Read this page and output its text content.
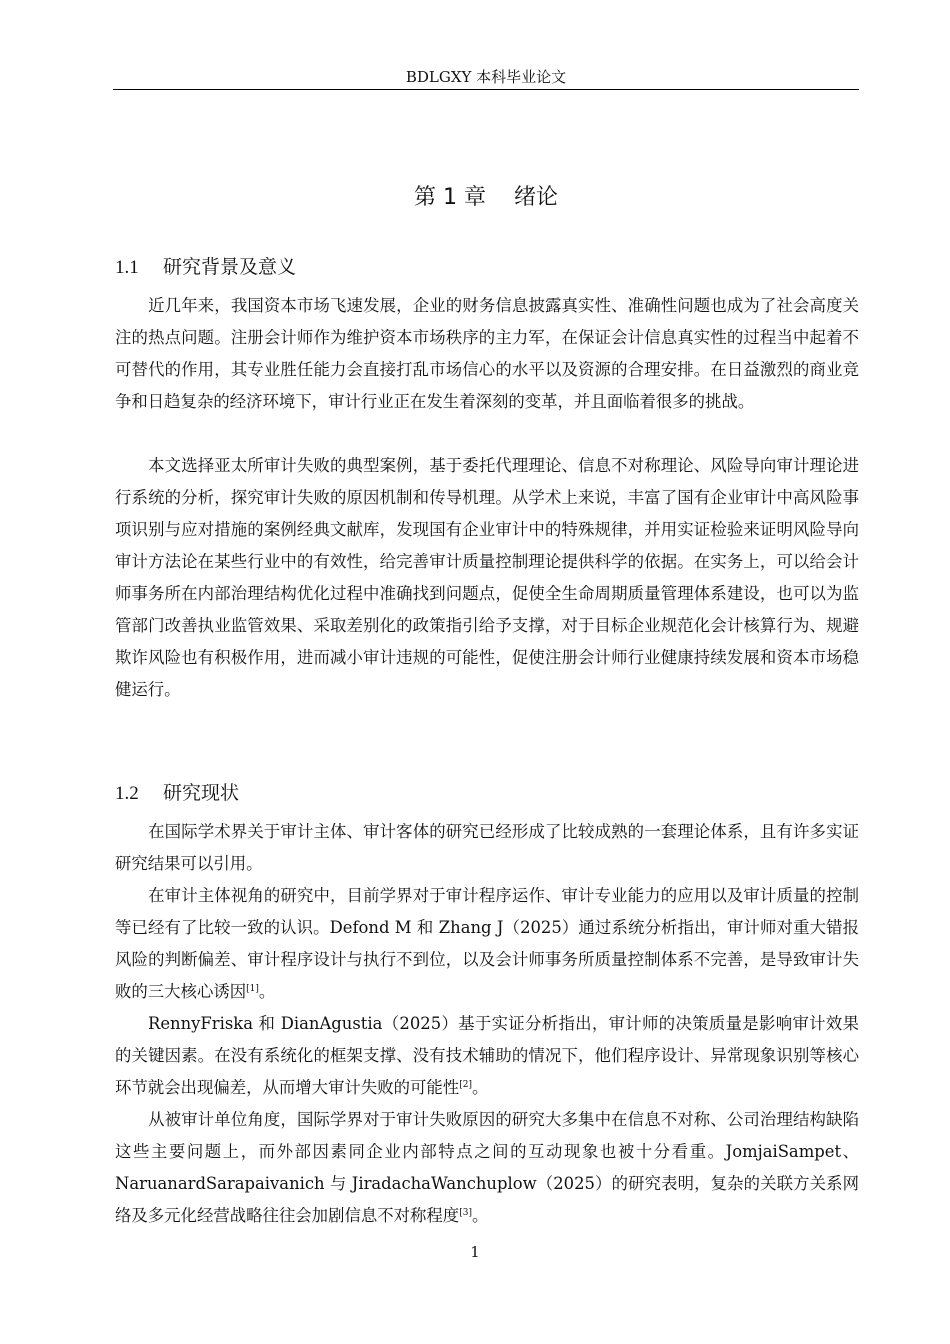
BDLGXY 本科毕业论文
第 1 章 绪论
1.1 研究背景及意义

近几年来，我国资本市场飞速发展，企业的财务信息披露真实性、准确性问题也成为了社会高度关注的热点问题。注册会计师作为维护资本市场秩序的主力军，在保证会计信息真实性的过程当中起着不可替代的作用，其专业胜任能力会直接打乱市场信心的水平以及资源的合理安排。在日益激烈的商业竞争和日趋复杂的经济环境下，审计行业正在发生着深刻的变革，并且面临着很多的挑战。

本文选择亚太所审计失败的典型案例，基于委托代理理论、信息不对称理论、风险导向审计理论进行系统的分析，探究审计失败的原因机制和传导机理。从学术上来说，丰富了国有企业审计中高风险事项识别与应对措施的案例经典文献库，发现国有企业审计中的特殊规律，并用实证检验来证明风险导向审计方法论在某些行业中的有效性，给完善审计质量控制理论提供科学的依据。在实务上，可以给会计师事务所在内部治理结构优化过程中准确找到问题点，促使全生命周期质量管理体系建设，也可以为监管部门改善执业监管效果、采取差别化的政策指引给予支撑，对于目标企业规范化会计核算行为、规避欺诈风险也有积极作用，进而减小审计违规的可能性，促使注册会计师行业健康持续发展和资本市场稳健运行。

1.2 研究现状

在国际学术界关于审计主体、审计客体的研究已经形成了比较成熟的一套理论体系，且有许多实证研究结果可以引用。

在审计主体视角的研究中，目前学界对于审计程序运作、审计专业能力的应用以及审计质量的控制等已经有了比较一致的认识。Defond M 和 Zhang J（2025）通过系统分析指出，审计师对重大错报风险的判断偏差、审计程序设计与执行不到位，以及会计师事务所质量控制体系不完善，是导致审计失败的三大核心诱因[1]。

RennyFriska 和 DianAgustia（2025）基于实证分析指出，审计师的决策质量是影响审计效果的关键因素。在没有系统化的框架支撑、没有技术辅助的情况下，他们程序设计、异常现象识别等核心环节就会出现偏差，从而增大审计失败的可能性[2]。

从被审计单位角度，国际学界对于审计失败原因的研究大多集中在信息不对称、公司治理结构缺陷这些主要问题上，而外部因素同企业内部特点之间的互动现象也被十分看重。JomjaiSampet、NaruanardSarapaivanich 与 JiradachaWanchuplow（2025）的研究表明，复杂的关联方关系网络及多元化经营战略往往会加剧信息不对称程度[3]。

1
